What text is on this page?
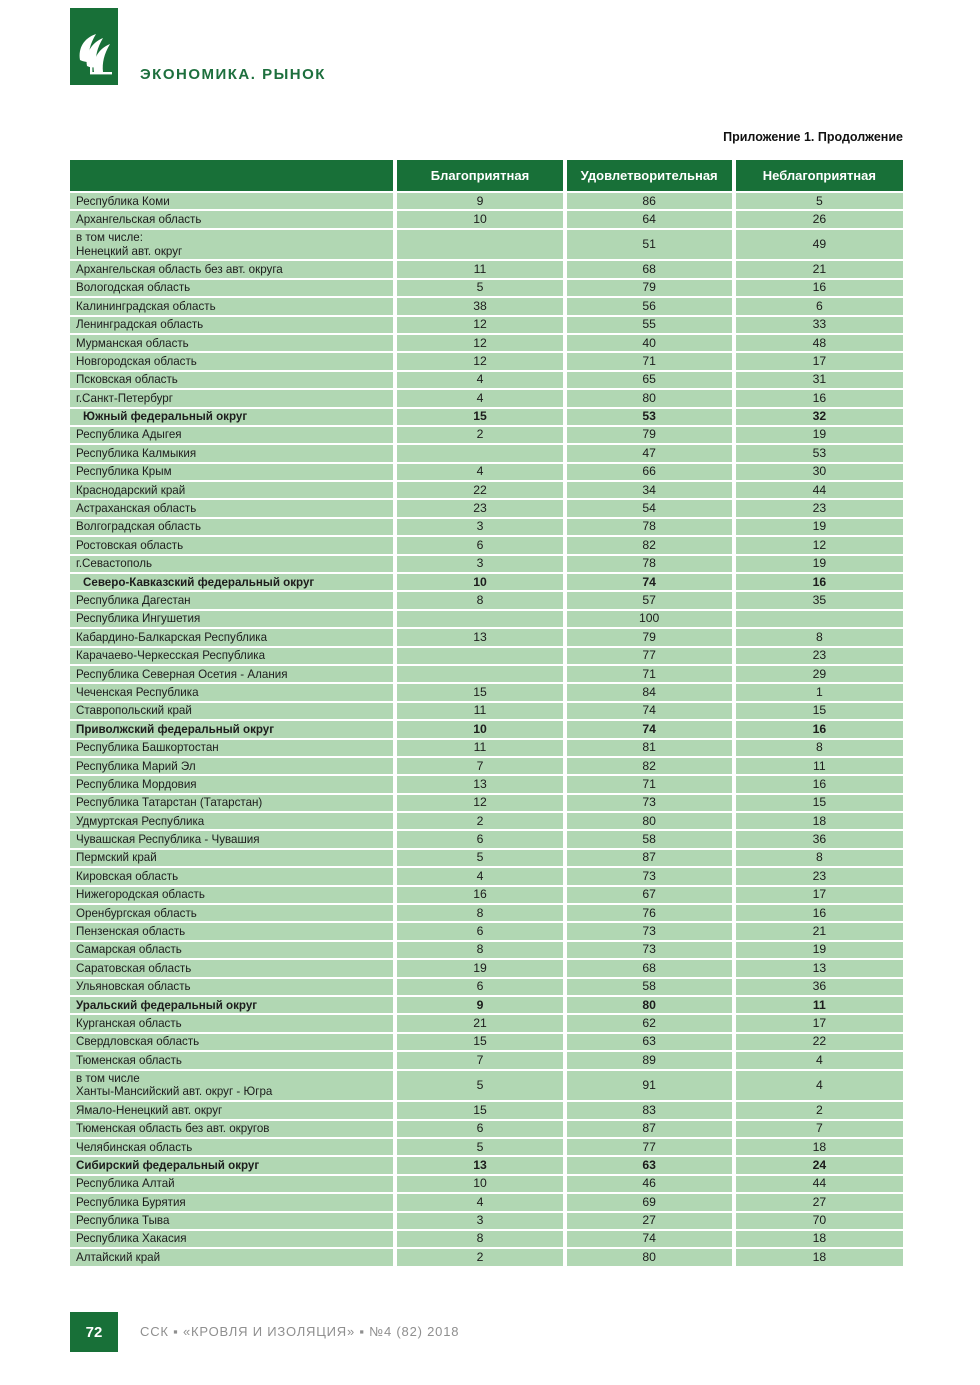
ЭКОНОМИКА. РЫНОК
Приложение 1. Продолжение
	Благоприятная	Удовлетворительная	Неблагоприятная
Республика Коми	9	86	5
Архангельская область	10	64	26
в том числе:
Ненецкий авт. округ		51	49
Архангельская область без авт. округа	11	68	21
Вологодская область	5	79	16
Калининградская область	38	56	6
Ленинградская область	12	55	33
Мурманская область	12	40	48
Новгородская область	12	71	17
Псковская область	4	65	31
г.Санкт-Петербург	4	80	16
Южный федеральный округ	15	53	32
Республика Адыгея	2	79	19
Республика Калмыкия		47	53
Республика Крым	4	66	30
Краснодарский край	22	34	44
Астраханская область	23	54	23
Волгоградская область	3	78	19
Ростовская область	6	82	12
г.Севастополь	3	78	19
Северо-Кавказский федеральный округ	10	74	16
Республика Дагестан	8	57	35
Республика Ингушетия		100	
Кабардино-Балкарская Республика	13	79	8
Карачаево-Черкесская Республика		77	23
Республика Северная Осетия - Алания		71	29
Чеченская Республика	15	84	1
Ставропольский край	11	74	15
Приволжский федеральный округ	10	74	16
Республика Башкортостан	11	81	8
Республика Марий Эл	7	82	11
Республика Мордовия	13	71	16
Республика Татарстан (Татарстан)	12	73	15
Удмуртская Республика	2	80	18
Чувашская Республика - Чувашия	6	58	36
Пермский край	5	87	8
Кировская область	4	73	23
Нижегородская область	16	67	17
Оренбургская область	8	76	16
Пензенская область	6	73	21
Самарская область	8	73	19
Саратовская область	19	68	13
Ульяновская область	6	58	36
Уральский федеральный округ	9	80	11
Курганская область	21	62	17
Свердловская область	15	63	22
Тюменская область	7	89	4
в том числе
Ханты-Мансийский авт. округ - Югра	5	91	4
Ямало-Ненецкий авт. округ	15	83	2
Тюменская область без авт. округов	6	87	7
Челябинская область	5	77	18
Сибирский федеральный округ	13	63	24
Республика Алтай	10	46	44
Республика Бурятия	4	69	27
Республика Тыва	3	27	70
Республика Хакасия	8	74	18
Алтайский край	2	80	18
72	ССК ▪ «КРОВЛЯ И ИЗОЛЯЦИЯ» ▪ №4 (82) 2018
